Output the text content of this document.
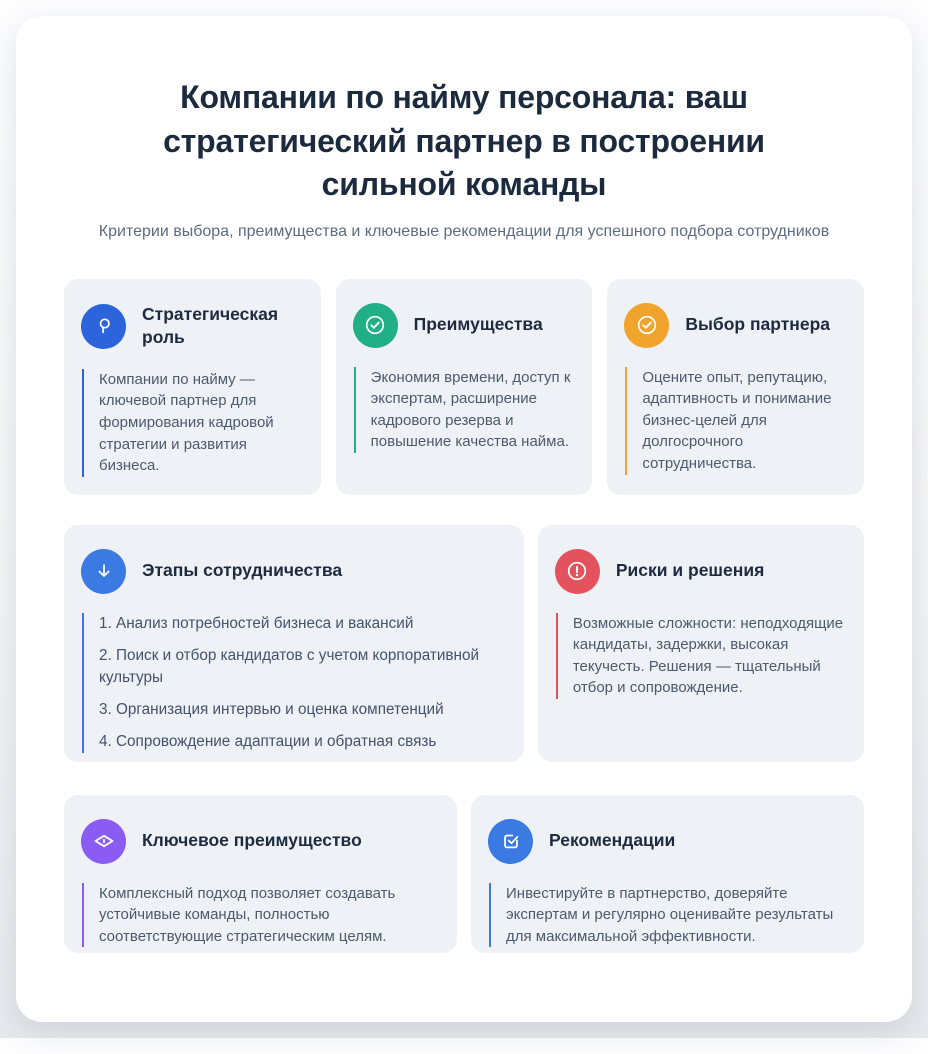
Компании по найму персонала: ваш стратегический партнер в построении сильной команды
Критерии выбора, преимущества и ключевые рекомендации для успешного подбора сотрудников
Стратегическая роль
Компании по найму — ключевой партнер для формирования кадровой стратегии и развития бизнеса.
Преимущества
Экономия времени, доступ к экспертам, расширение кадрового резерва и повышение качества найма.
Выбор партнера
Оцените опыт, репутацию, адаптивность и понимание бизнес-целей для долгосрочного сотрудничества.
Этапы сотрудничества

1. Анализ потребностей бизнеса и вакансий

2. Поиск и отбор кандидатов с учетом корпоративной культуры

3. Организация интервью и оценка компетенций

4. Сопровождение адаптации и обратная связь

Риски и решения
Возможные сложности: неподходящие кандидаты, задержки, высокая текучесть. Решения — тщательный отбор и сопровождение.
Ключевое преимущество
Комплексный подход позволяет создавать устойчивые команды, полностью соответствующие стратегическим целям.
Рекомендации
Инвестируйте в партнерство, доверяйте экспертам и регулярно оценивайте результаты для максимальной эффективности.
